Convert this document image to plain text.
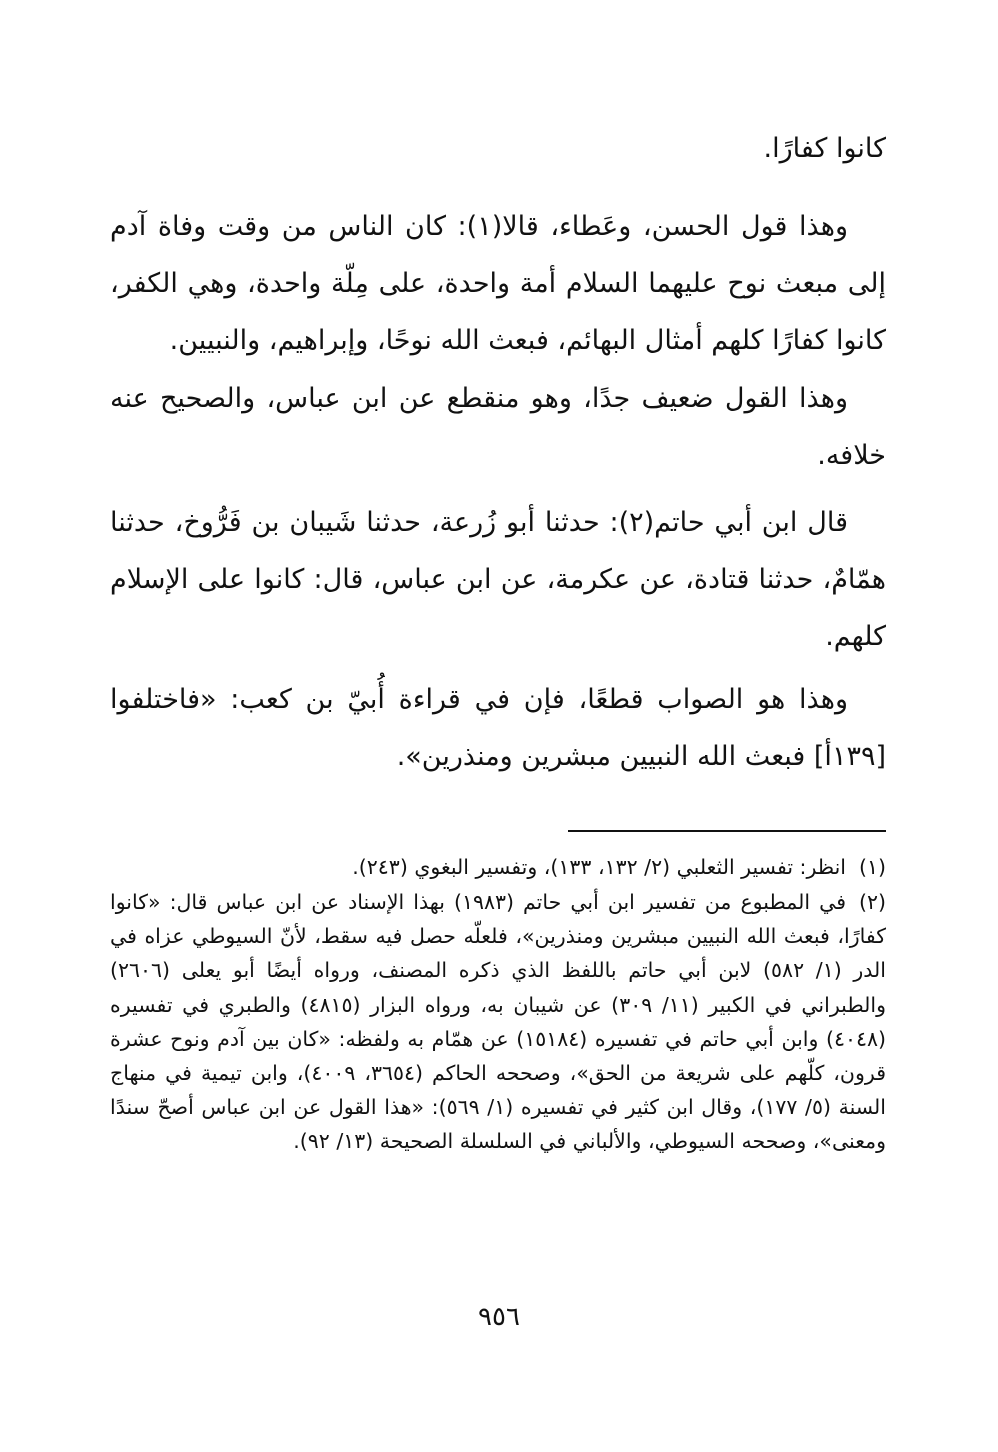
كانوا كفارًا.

وهذا قول الحسن، وعَطاء، قالا(١): كان الناس من وقت وفاة آدم إلى مبعث نوح عليهما السلام أمة واحدة، على مِلّة واحدة، وهي الكفر، كانوا كفارًا كلهم أمثال البهائم، فبعث الله نوحًا، وإبراهيم، والنبيين.

وهذا القول ضعيف جدًا، وهو منقطع عن ابن عباس، والصحيح عنه خلافه.

قال ابن أبي حاتم(٢): حدثنا أبو زُرعة، حدثنا شَيبان بن فَرُّوخ، حدثنا همّامٌ، حدثنا قتادة، عن عكرمة، عن ابن عباس، قال: كانوا على الإسلام كلهم.

وهذا هو الصواب قطعًا، فإن في قراءة أُبيّ بن كعب: «فاختلفوا [١٣٩أ] فبعث الله النبيين مبشرين ومنذرين».

(١)انظر: تفسير الثعلبي (٢/ ١٣٢، ١٣٣)، وتفسير البغوي (٢٤٣).
(٢)في المطبوع من تفسير ابن أبي حاتم (١٩٨٣) بهذا الإسناد عن ابن عباس قال: «كانوا كفارًا، فبعث الله النبيين مبشرين ومنذرين»، فلعلّه حصل فيه سقط، لأنّ السيوطي عزاه في الدر (١/ ٥٨٢) لابن أبي حاتم باللفظ الذي ذكره المصنف، ورواه أيضًا أبو يعلى (٢٦٠٦) والطبراني في الكبير (١١/ ٣٠٩) عن شيبان به، ورواه البزار (٤٨١٥) والطبري في تفسيره (٤٠٤٨) وابن أبي حاتم في تفسيره (١٥١٨٤) عن همّام به ولفظه: «كان بين آدم ونوح عشرة قرون، كلّهم على شريعة من الحق»، وصححه الحاكم (٣٦٥٤، ٤٠٠٩)، وابن تيمية في منهاج السنة (٥/ ١٧٧)، وقال ابن كثير في تفسيره (١/ ٥٦٩): «هذا القول عن ابن عباس أصحّ سندًا ومعنى»، وصححه السيوطي، والألباني في السلسلة الصحيحة (١٣/ ٩٢).
٩٥٦
